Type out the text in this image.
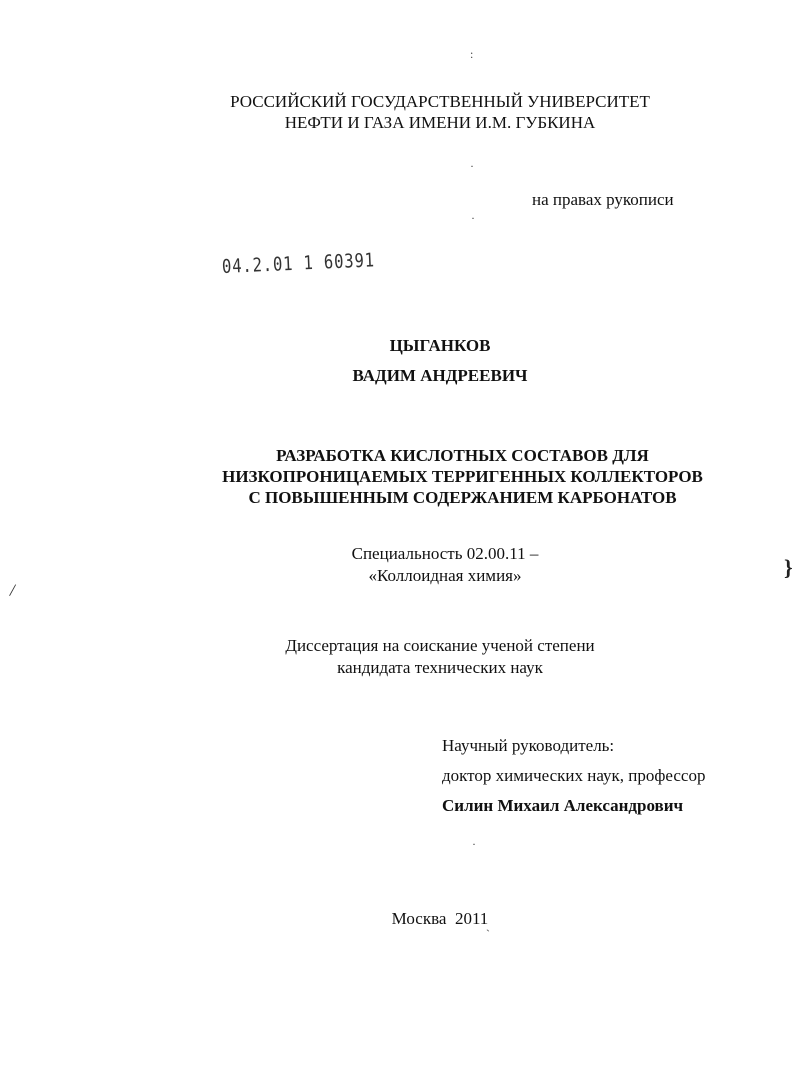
:
·
·
·
`
/
}
РОССИЙСКИЙ ГОСУДАРСТВЕННЫЙ УНИВЕРСИТЕТ
НЕФТИ И ГАЗА ИМЕНИ И.М. ГУБКИНА
на правах рукописи
04.2.01 1 60391
ЦЫГАНКОВ
ВАДИМ АНДРЕЕВИЧ
РАЗРАБОТКА КИСЛОТНЫХ СОСТАВОВ ДЛЯ
НИЗКОПРОНИЦАЕМЫХ ТЕРРИГЕННЫХ КОЛЛЕКТОРОВ
С ПОВЫШЕННЫМ СОДЕРЖАНИЕМ КАРБОНАТОВ
Специальность 02.00.11 –
«Коллоидная химия»
Диссертация на соискание ученой степени
кандидата технических наук
Научный руководитель:
доктор химических наук, профессор
Силин Михаил Александрович
Москва  2011
